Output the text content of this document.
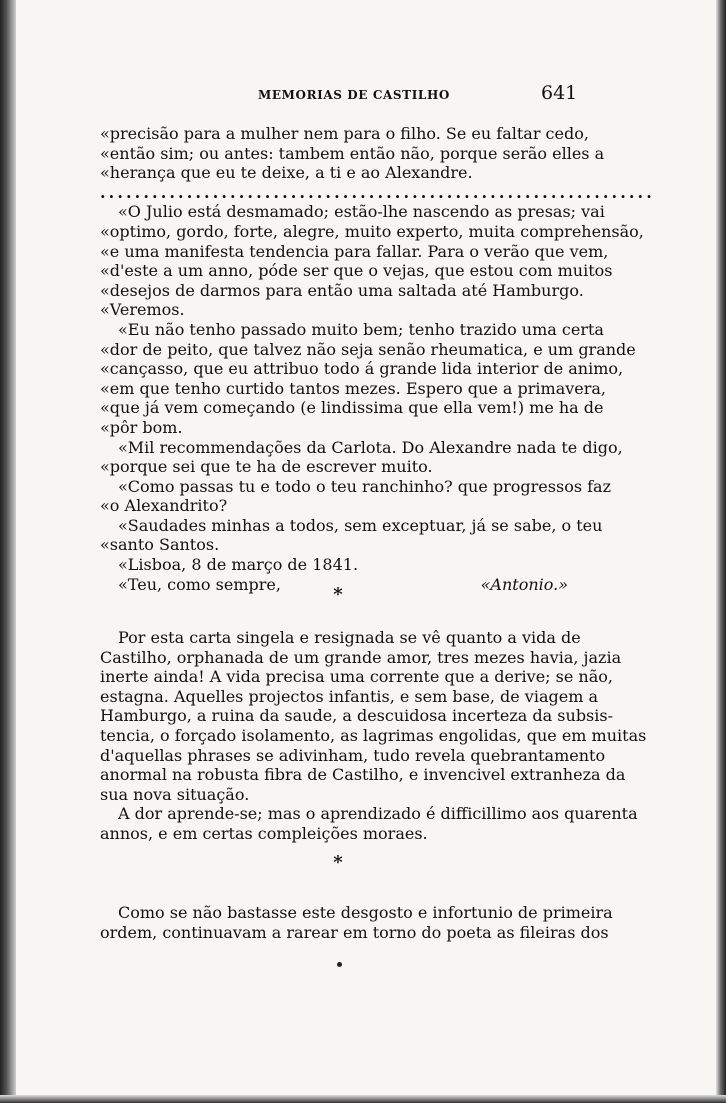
MEMORIAS DE CASTILHO	641
«precisão para a mulher nem para o filho. Se eu faltar cedo,
«então sim; ou antes: tambem então não, porque serão elles a
«herança que eu te deixe, a ti e ao Alexandre.
................................................................
«O Julio está desmamado; estão-lhe nascendo as presas; vai
«optimo, gordo, forte, alegre, muito experto, muita comprehensão,
«e uma manifesta tendencia para fallar. Para o verão que vem,
«d'este a um anno, póde ser que o vejas, que estou com muitos
«desejos de darmos para então uma saltada até Hamburgo.
«Veremos.
«Eu não tenho passado muito bem; tenho trazido uma certa
«dor de peito, que talvez não seja senão rheumatica, e um grande
«cançasso, que eu attribuo todo á grande lida interior de animo,
«em que tenho curtido tantos mezes. Espero que a primavera,
«que já vem começando (e lindissima que ella vem!) me ha de
«pôr bom.
«Mil recommendações da Carlota. Do Alexandre nada te digo,
«porque sei que te ha de escrever muito.
«Como passas tu e todo o teu ranchinho? que progressos faz
«o Alexandrito?
«Saudades minhas a todos, sem exceptuar, já se sabe, o teu
«santo Santos.
«Lisboa, 8 de março de 1841.
«Teu, como sempre,	«Antonio.»
*
Por esta carta singela e resignada se vê quanto a vida de
Castilho, orphanada de um grande amor, tres mezes havia, jazia
inerte ainda! A vida precisa uma corrente que a derive; se não,
estagna. Aquelles projectos infantis, e sem base, de viagem a
Hamburgo, a ruina da saude, a descuidosa incerteza da subsis-
tencia, o forçado isolamento, as lagrimas engolidas, que em muitas
d'aquellas phrases se adivinham, tudo revela quebrantamento
anormal na robusta fibra de Castilho, e invencivel extranheza da
sua nova situação.
A dor aprende-se; mas o aprendizado é difficillimo aos quarenta
annos, e em certas compleições moraes.
*
Como se não bastasse este desgosto e infortunio de primeira
ordem, continuavam a rarear em torno do poeta as fileiras dos
